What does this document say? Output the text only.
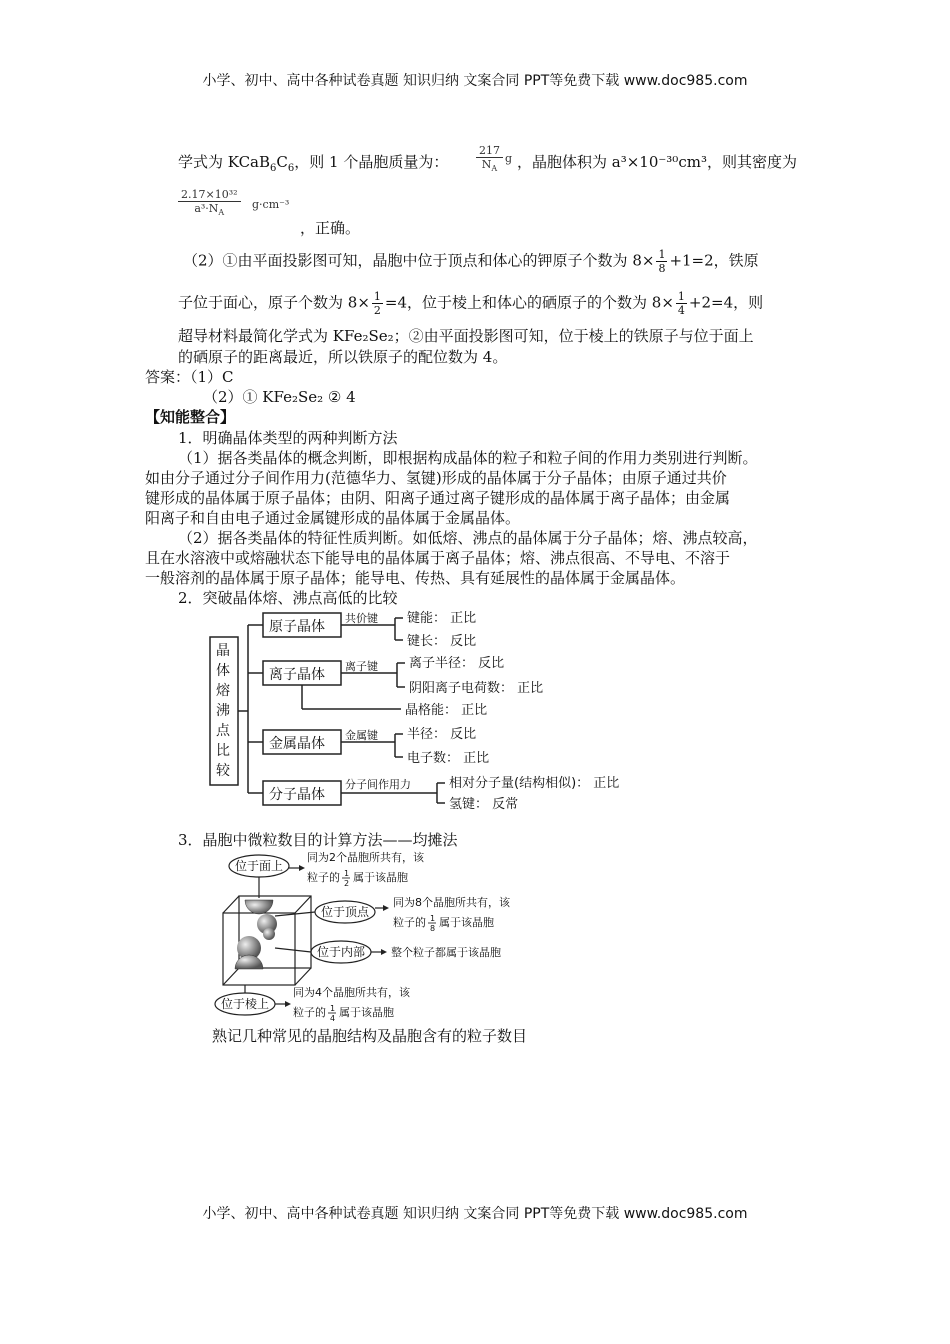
小学、初中、高中各种试卷真题 知识归纳 文案合同 PPT等免费下载 www.doc985.com
学式为 $KCaB_6C_6$，则 1 个晶胞质量为：
217
$N_A$
g ，晶胞体积为 a³×10⁻³⁰cm³，则其密度为
2.17×10³²
$a^3\cdot N_A$
g·cm⁻³
，正确。
（2）①由平面投影图可知，晶胞中位于顶点和体心的钾原子个数为 $8\times \frac{1}{8} +1=2$，铁原
子位于面心，原子个数为 $8\times \frac{1}{2} =4$，位于棱上和体心的硒原子的个数为 $8\times \frac{1}{4} +2=4$，则
超导材料最简化学式为 KFe₂Se₂；②由平面投影图可知，位于棱上的铁原子与位于面上
的硒原子的距离最近，所以铁原子的配位数为 4。
答案：（1）C
（2）① KFe₂Se₂ ② 4
【知能整合】
1．明确晶体类型的两种判断方法
（1）据各类晶体的概念判断，即根据构成晶体的粒子和粒子间的作用力类别进行判断。
如由分子通过分子间作用力(范德华力、氢键)形成的晶体属于分子晶体；由原子通过共价
键形成的晶体属于原子晶体；由阴、阳离子通过离子键形成的晶体属于离子晶体；由金属
阳离子和自由电子通过金属键形成的晶体属于金属晶体。
（2）据各类晶体的特征性质判断。如低熔、沸点的晶体属于分子晶体；熔、沸点较高，
且在水溶液中或熔融状态下能导电的晶体属于离子晶体；熔、沸点很高、不导电、不溶于
一般溶剂的晶体属于原子晶体；能导电、传热、具有延展性的晶体属于金属晶体。
2．突破晶体熔、沸点高低的比较
晶
体
熔
沸
点
比
较
原子晶体
离子晶体
金属晶体
分子晶体
共价键
离子键
金属键
分子间作用力
键能： 正比
键长： 反比
离子半径： 反比
阴阳离子电荷数： 正比
晶格能： 正比
半径： 反比
电子数： 正比
相对分子量(结构相似)： 正比
氢键： 反常
3．晶胞中微粒数目的计算方法——均摊法
位于面上
位于顶点
位于内部
位于棱上
同为2个晶胞所共有，该
粒子的 1
2 属于该晶胞
同为8个晶胞所共有，该
粒子的 1
8 属于该晶胞
整个粒子都属于该晶胞
同为4个晶胞所共有，该
粒子的 1
4 属于该晶胞
熟记几种常见的晶胞结构及晶胞含有的粒子数目
小学、初中、高中各种试卷真题 知识归纳 文案合同 PPT等免费下载 www.doc985.com
